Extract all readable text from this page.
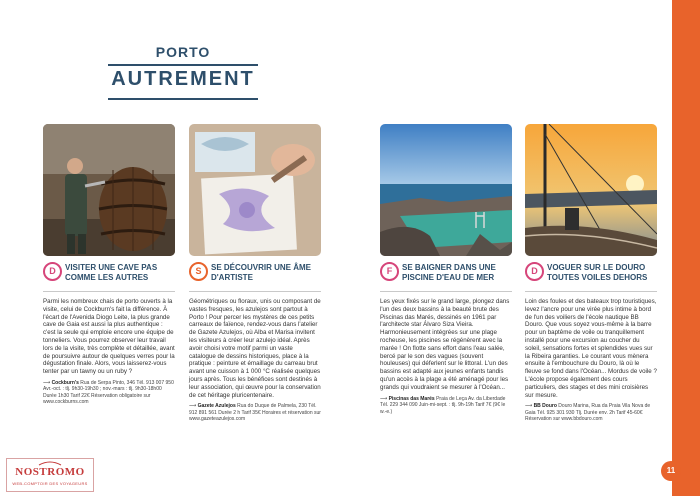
PORTO
AUTREMENT
D	VISITER UNE CAVE PAS COMME LES AUTRES
Parmi les nombreux chais de porto ouverts à la visite, celui de Cockburn's fait la différence. À l'écart de l'Avenida Diogo Leite, la plus grande cave de Gaia est aussi la plus authentique : c'est la seule qui emploie encore une équipe de tonneliers. Vous pourrez observer leur travail lors de la visite, très complète et détaillée, avant de poursuivre autour de quelques verres pour la dégustation finale. Alors, vous laisserez-vous tenter par un tawny ou un ruby ?
⟶ Cockburn's Rua de Serpa Pinto, 346 Tél. 913 007 950 Avr.-oct. : tlj. 9h30-19h30 ; nov.-mars : tlj. 9h30-18h00 Durée 1h30 Tarif 22€ Réservation obligatoire sur www.cockburns.com
S	SE DÉCOUVRIR UNE ÂME D'ARTISTE
Géométriques ou floraux, unis ou composant de vastes fresques, les azulejos sont partout à Porto ! Pour percer les mystères de ces petits carreaux de faïence, rendez-vous dans l'atelier de Gazete Azulejos, où Alba et Marisa invitent les visiteurs à créer leur azulejo idéal. Après avoir choisi votre motif parmi un vaste catalogue de dessins historiques, place à la pratique : peinture et émaillage du carreau brut avant une cuisson à 1 000 °C réalisée quelques jours après. Tous les bénéfices sont destinés à leur association, qui œuvre pour la conservation de cet héritage pluricentenaire.
⟶ Gazete Azulejos Rua do Duque de Palmela, 230 Tél. 912 891 561 Durée 2 h Tarif 35€ Horaires et réservation sur www.gazeteazulejos.com
F	SE BAIGNER DANS UNE PISCINE D'EAU DE MER
Les yeux fixés sur le grand large, plongez dans l'un des deux bassins à la beauté brute des Piscinas das Marés, dessinés en 1961 par l'architecte star Álvaro Siza Vieira. Harmonieusement intégrées sur une plage rocheuse, les piscines se régénèrent avec la marée ! On flotte sans effort dans l'eau salée, bercé par le son des vagues (souvent houleuses) qui déferlent sur le littoral. L'un des bassins est adapté aux jeunes enfants tandis qu'un accès à la plage a été aménagé pour les grands qui voudraient se mesurer à l'Océan...
⟶ Piscinas das Marés Praia de Leça Av. da Liberdade Tél. 229 344 090 Juin-mi-sept. : tlj. 9h-19h Tarif 7€ (9€ le w.-e.)
D	VOGUER SUR LE DOURO TOUTES VOILES DEHORS
Loin des foules et des bateaux trop touristiques, levez l'ancre pour une virée plus intime à bord de l'un des voiliers de l'école nautique BB Douro. Que vous soyez vous-même à la barre pour un baptême de voile ou tranquillement installé pour une excursion au coucher du soleil, sensations fortes et splendides vues sur la Ribeira garanties. Le courant vous mènera ensuite à l'embouchure du Douro, là où le fleuve se fond dans l'Océan... Mordus de voile ? L'école propose également des cours particuliers, des stages et des mini croisières sur mesure.
⟶ BB Douro Douro Marina, Rua da Praia Vila Nova de Gaia Tél. 925 301 930 Tlj. Durée env. 2h Tarif 45-60€ Réservation sur www.bbdouro.com
NOSTROMO
WEB-COMPTOIR DES VOYAGEURS
11
